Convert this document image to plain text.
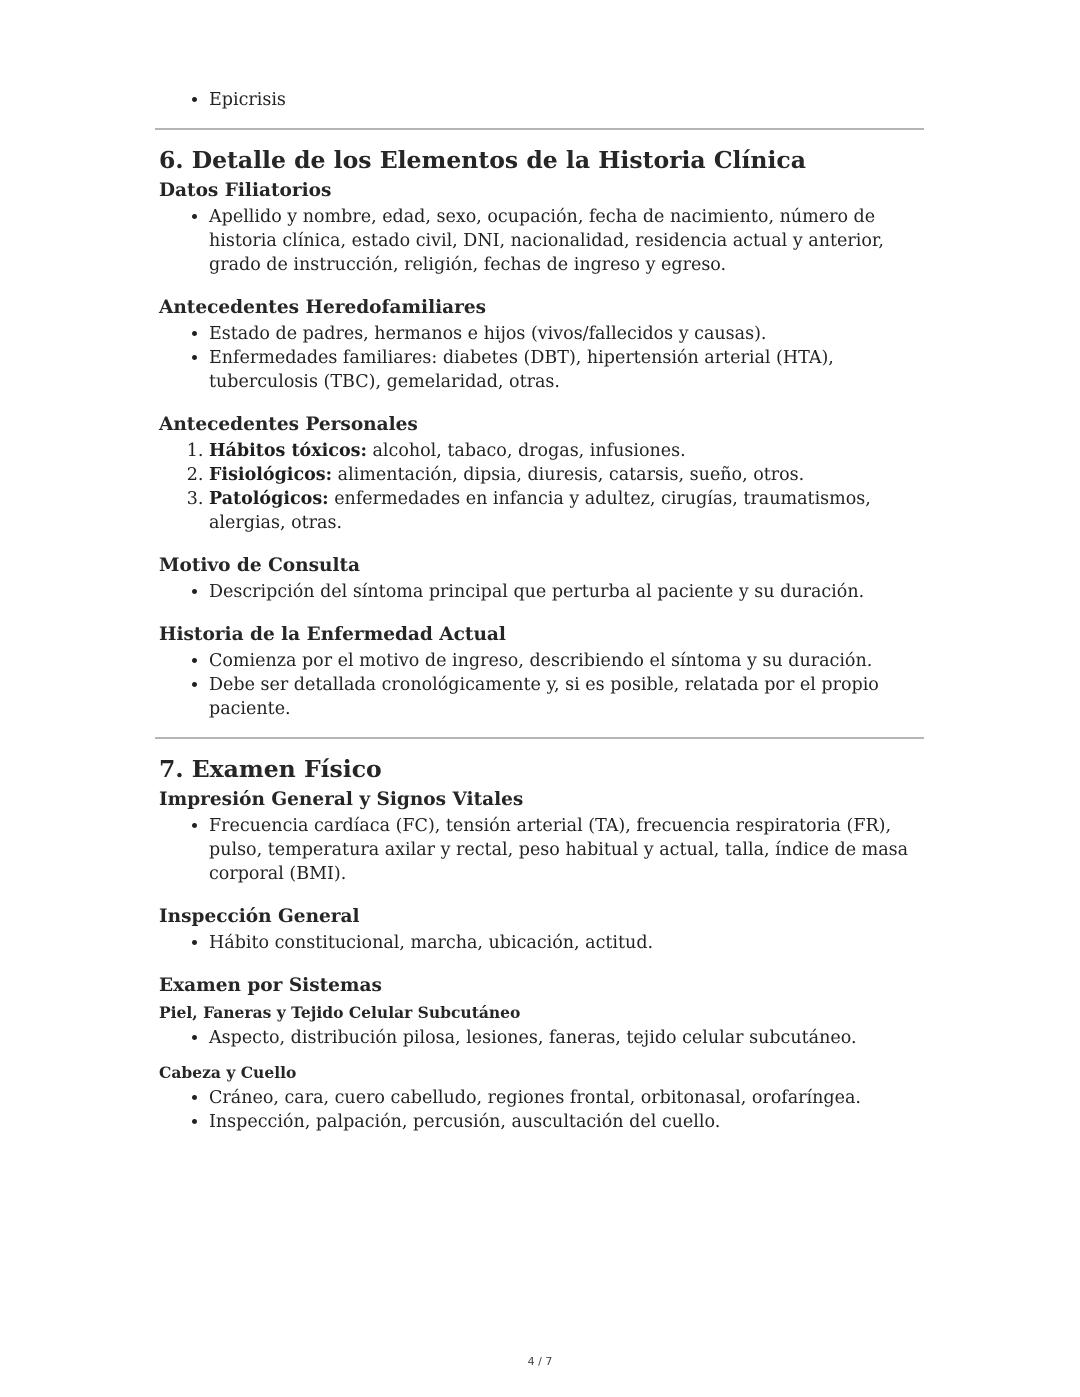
• Epicrisis
6. Detalle de los Elementos de la Historia Clínica
Datos Filiatorios
• Apellido y nombre, edad, sexo, ocupación, fecha de nacimiento, número de historia clínica, estado civil, DNI, nacionalidad, residencia actual y anterior, grado de instrucción, religión, fechas de ingreso y egreso.
Antecedentes Heredofamiliares
• Estado de padres, hermanos e hijos (vivos/fallecidos y causas).
• Enfermedades familiares: diabetes (DBT), hipertensión arterial (HTA), tuberculosis (TBC), gemelaridad, otras.
Antecedentes Personales
1. Hábitos tóxicos: alcohol, tabaco, drogas, infusiones.
2. Fisiológicos: alimentación, dipsia, diuresis, catarsis, sueño, otros.
3. Patológicos: enfermedades en infancia y adultez, cirugías, traumatismos, alergias, otras.
Motivo de Consulta
• Descripción del síntoma principal que perturba al paciente y su duración.
Historia de la Enfermedad Actual
• Comienza por el motivo de ingreso, describiendo el síntoma y su duración.
• Debe ser detallada cronológicamente y, si es posible, relatada por el propio paciente.
7. Examen Físico
Impresión General y Signos Vitales
• Frecuencia cardíaca (FC), tensión arterial (TA), frecuencia respiratoria (FR), pulso, temperatura axilar y rectal, peso habitual y actual, talla, índice de masa corporal (BMI).
Inspección General
• Hábito constitucional, marcha, ubicación, actitud.
Examen por Sistemas
Piel, Faneras y Tejido Celular Subcutáneo
• Aspecto, distribución pilosa, lesiones, faneras, tejido celular subcutáneo.
Cabeza y Cuello
• Cráneo, cara, cuero cabelludo, regiones frontal, orbitonasal, orofaríngea.
• Inspección, palpación, percusión, auscultación del cuello.
4 / 7
